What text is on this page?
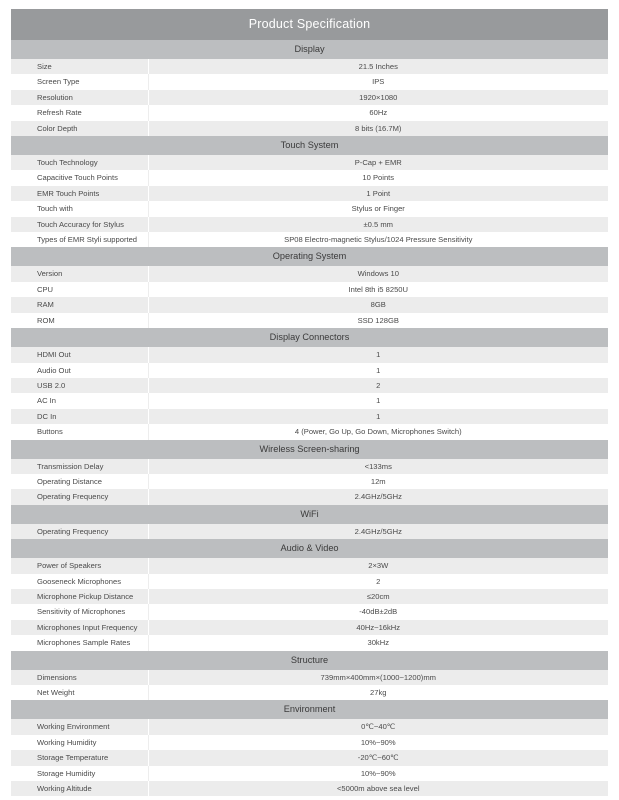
Product Specification	
Display	
Size	21.5 Inches
Screen Type	IPS
Resolution	1920×1080
Refresh Rate	60Hz
Color Depth	8 bits (16.7M)
Touch System	
Touch Technology	P-Cap + EMR
Capacitive Touch Points	10 Points
EMR Touch Points	1 Point
Touch with	Stylus or Finger
Touch Accuracy for Stylus	±0.5 mm
Types of EMR Styli supported	SP08 Electro-magnetic Stylus/1024 Pressure Sensitivity
Operating System	
Version	Windows 10
CPU	Intel 8th i5 8250U
RAM	8GB
ROM	SSD 128GB
Display Connectors	
HDMI Out	1
Audio Out	1
USB 2.0	2
AC In	1
DC In	1
Buttons	4 (Power, Go Up, Go Down, Microphones Switch)
Wireless Screen-sharing	
Transmission Delay	<133ms
Operating Distance	12m
Operating Frequency	2.4GHz/5GHz
WiFi	
Operating Frequency	2.4GHz/5GHz
Audio & Video	
Power of Speakers	2×3W
Gooseneck Microphones	2
Microphone Pickup Distance	≤20cm
Sensitivity of Microphones	-40dB±2dB
Microphones Input Frequency	40Hz~16kHz
Microphones Sample Rates	30kHz
Structure	
Dimensions	739mm×400mm×(1000~1200)mm
Net Weight	27kg
Environment	
Working Environment	0℃~40℃
Working Humidity	10%~90%
Storage Temperature	-20℃~60℃
Storage Humidity	10%~90%
Working Altitude	<5000m above sea level
